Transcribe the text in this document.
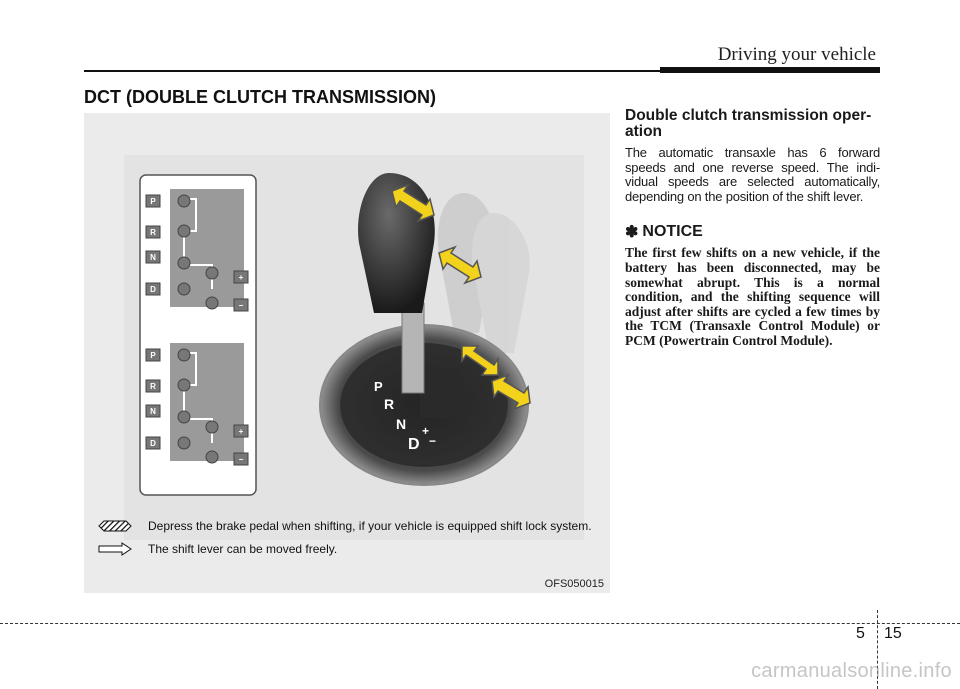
Driving your vehicle
DCT (DOUBLE CLUTCH TRANSMISSION)
P
R
N
D
+
−
P
R
N
D
+
−
P
R
N
D
+
−
Depress the brake pedal when shifting, if your vehicle is equipped shift lock system.
The shift lever can be moved freely.
OFS050015

Double clutch transmission oper-ation

The automatic transaxle has 6 forward speeds and one reverse speed. The indi-vidual speeds are selected automatically, depending on the position of the shift lever.

✽ NOTICE

The first few shifts on a new vehicle, if the battery has been disconnected, may be somewhat abrupt. This is a normal condition, and the shifting sequence will adjust after shifts are cycled a few times by the TCM (Transaxle Control Module) or PCM (Powertrain Control Module).

5 15
carmanualsonline.info
